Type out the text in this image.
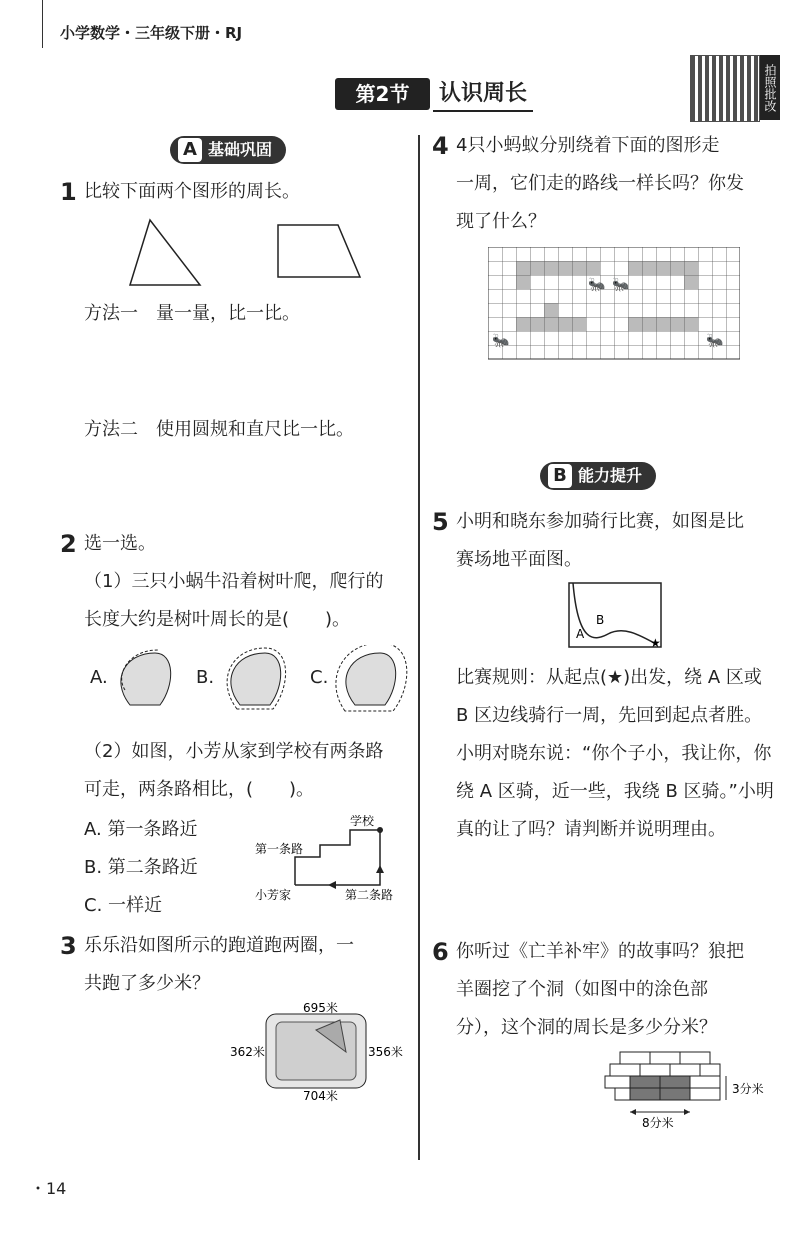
小学数学・三年级下册・RJ
第2节	认识周长	拍照批改
A 基础巩固
1 比较下面两个图形的周长。
方法一　量一量，比一比。
方法二　使用圆规和直尺比一比。
2 选一选。
（1）三只小蜗牛沿着树叶爬，爬行的
长度大约是树叶周长的是(　　)。
A.	B.	C.
（2）如图，小芳从家到学校有两条路
可走，两条路相比，(　　)。
A. 第一条路近
B. 第二条路近
C. 一样近
学校
第一条路
小芳家	第二条路
3 乐乐沿如图所示的跑道跑两圈，一
共跑了多少米？
695米
362米	356米
704米
4 4只小蚂蚁分别绕着下面的图形走
一周，它们走的路线一样长吗？你发
现了什么？
🐜 🐜
🐜	🐜
B 能力提升
5 小明和晓东参加骑行比赛，如图是比
赛场地平面图。
A
B
★
比赛规则：从起点(★)出发，绕 A 区或
B 区边线骑行一周，先回到起点者胜。
小明对晓东说：“你个子小，我让你，你
绕 A 区骑，近一些，我绕 B 区骑。”小明
真的让了吗？请判断并说明理由。
6 你听过《亡羊补牢》的故事吗？狼把
羊圈挖了个洞（如图中的涂色部
分），这个洞的周长是多少分米？
3分米
8分米
・14
